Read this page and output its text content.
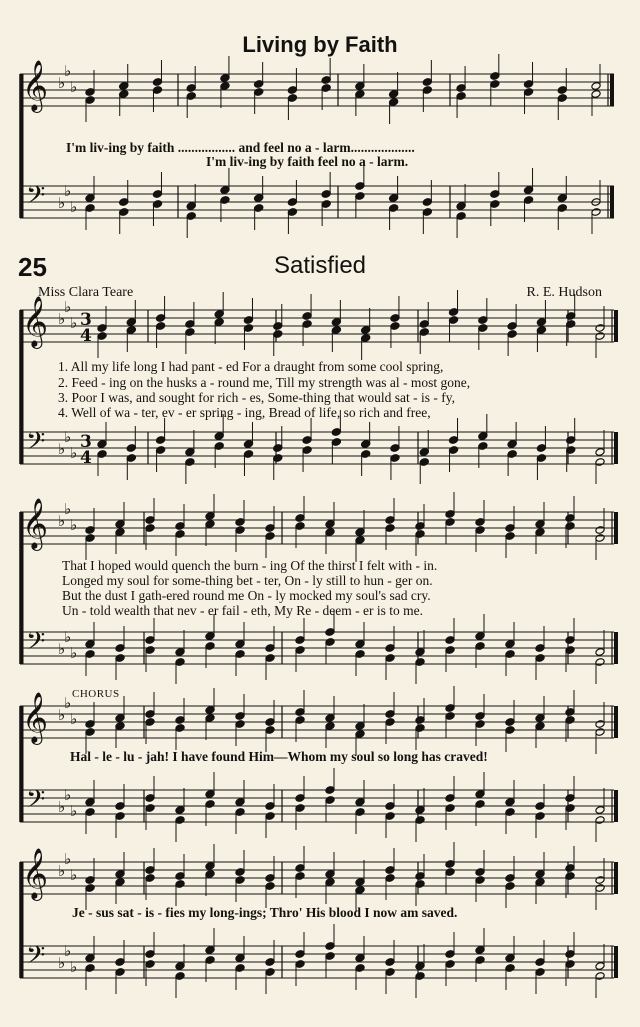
Living by Faith
25	Satisfied
Miss Clara Teare	R. E. Hudson
CHORUS
I'm liv-ing by faith ................. and feel no a - larm...................
I'm liv-ing by faith feel no a - larm.
1. All my life long I had pant - ed For a draught from some cool spring,
2. Feed - ing on the husks a - round me, Till my strength was al - most gone,
3. Poor I was, and sought for rich - es, Some-thing that would sat - is - fy,
4. Well of wa - ter, ev - er spring - ing, Bread of life, so rich and free,
That I hoped would quench the burn - ing Of the thirst I felt with - in.
Longed my soul for some-thing bet - ter, On - ly still to hun - ger on.
But the dust I gath-ered round me On - ly mocked my soul's sad cry.
Un - told wealth that nev - er fail - eth, My Re - deem - er is to me.
Hal - le - lu - jah! I have found Him—Whom my soul so long has craved!
Je - sus sat - is - fies my long-ings; Thro' His blood I now am saved.
𝄞
𝄢
♭
♭
♭
♭
♭
♭
𝄞
𝄢
♭
♭
♭
♭
♭
♭
3
4
3
4
𝄞
𝄢
♭
♭
♭
♭
♭
♭
𝄞
𝄢
♭
♭
♭
♭
♭
♭
𝄞
𝄢
♭
♭
♭
♭
♭
♭
